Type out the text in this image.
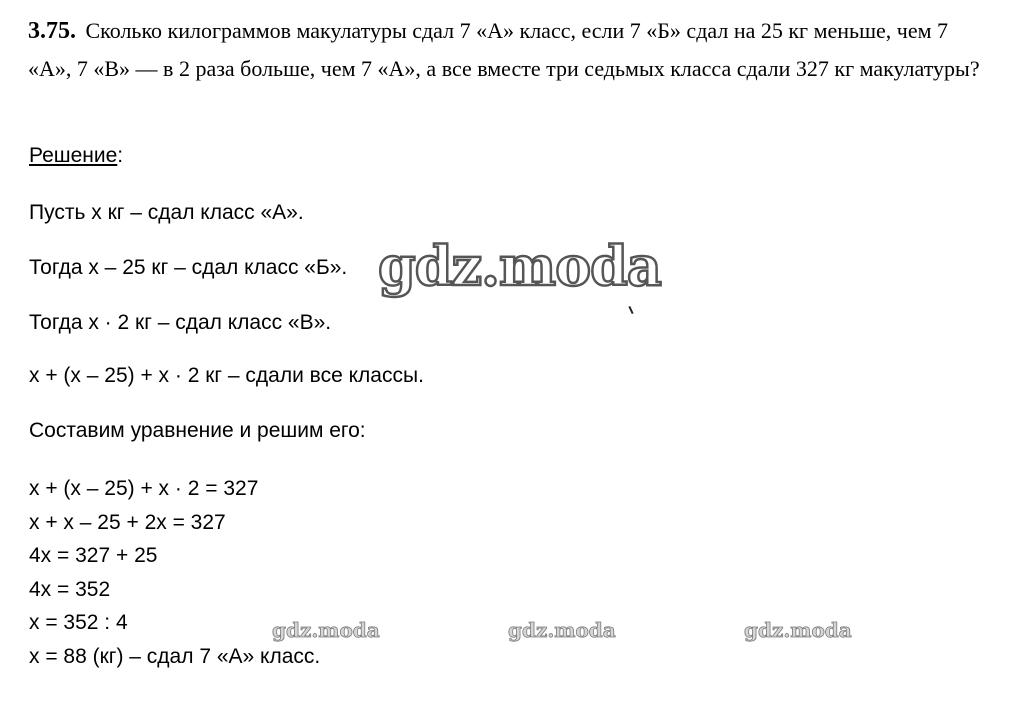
3.75. Сколько килограммов макулатуры сдал 7 «А» класс, если 7 «Б» сдал на 25 кг меньше, чем 7 «А», 7 «В» — в 2 раза больше, чем 7 «А», а все вместе три седьмых класса сдали 327 кг макулатуры?
Решение:
Пусть х кг – сдал класс «А».
Тогда х – 25 кг – сдал класс «Б».
Тогда х · 2 кг – сдал класс «В».
х + (х – 25) + х · 2 кг – сдали все классы.
Составим уравнение и решим его:
х + (х – 25) + х · 2 = 327
х + х – 25 + 2х = 327
4х = 327 + 25
4х = 352
х = 352 : 4
х = 88 (кг) – сдал 7 «А» класс.
gdz.moda
gdz.moda	gdz.moda	gdz.moda
